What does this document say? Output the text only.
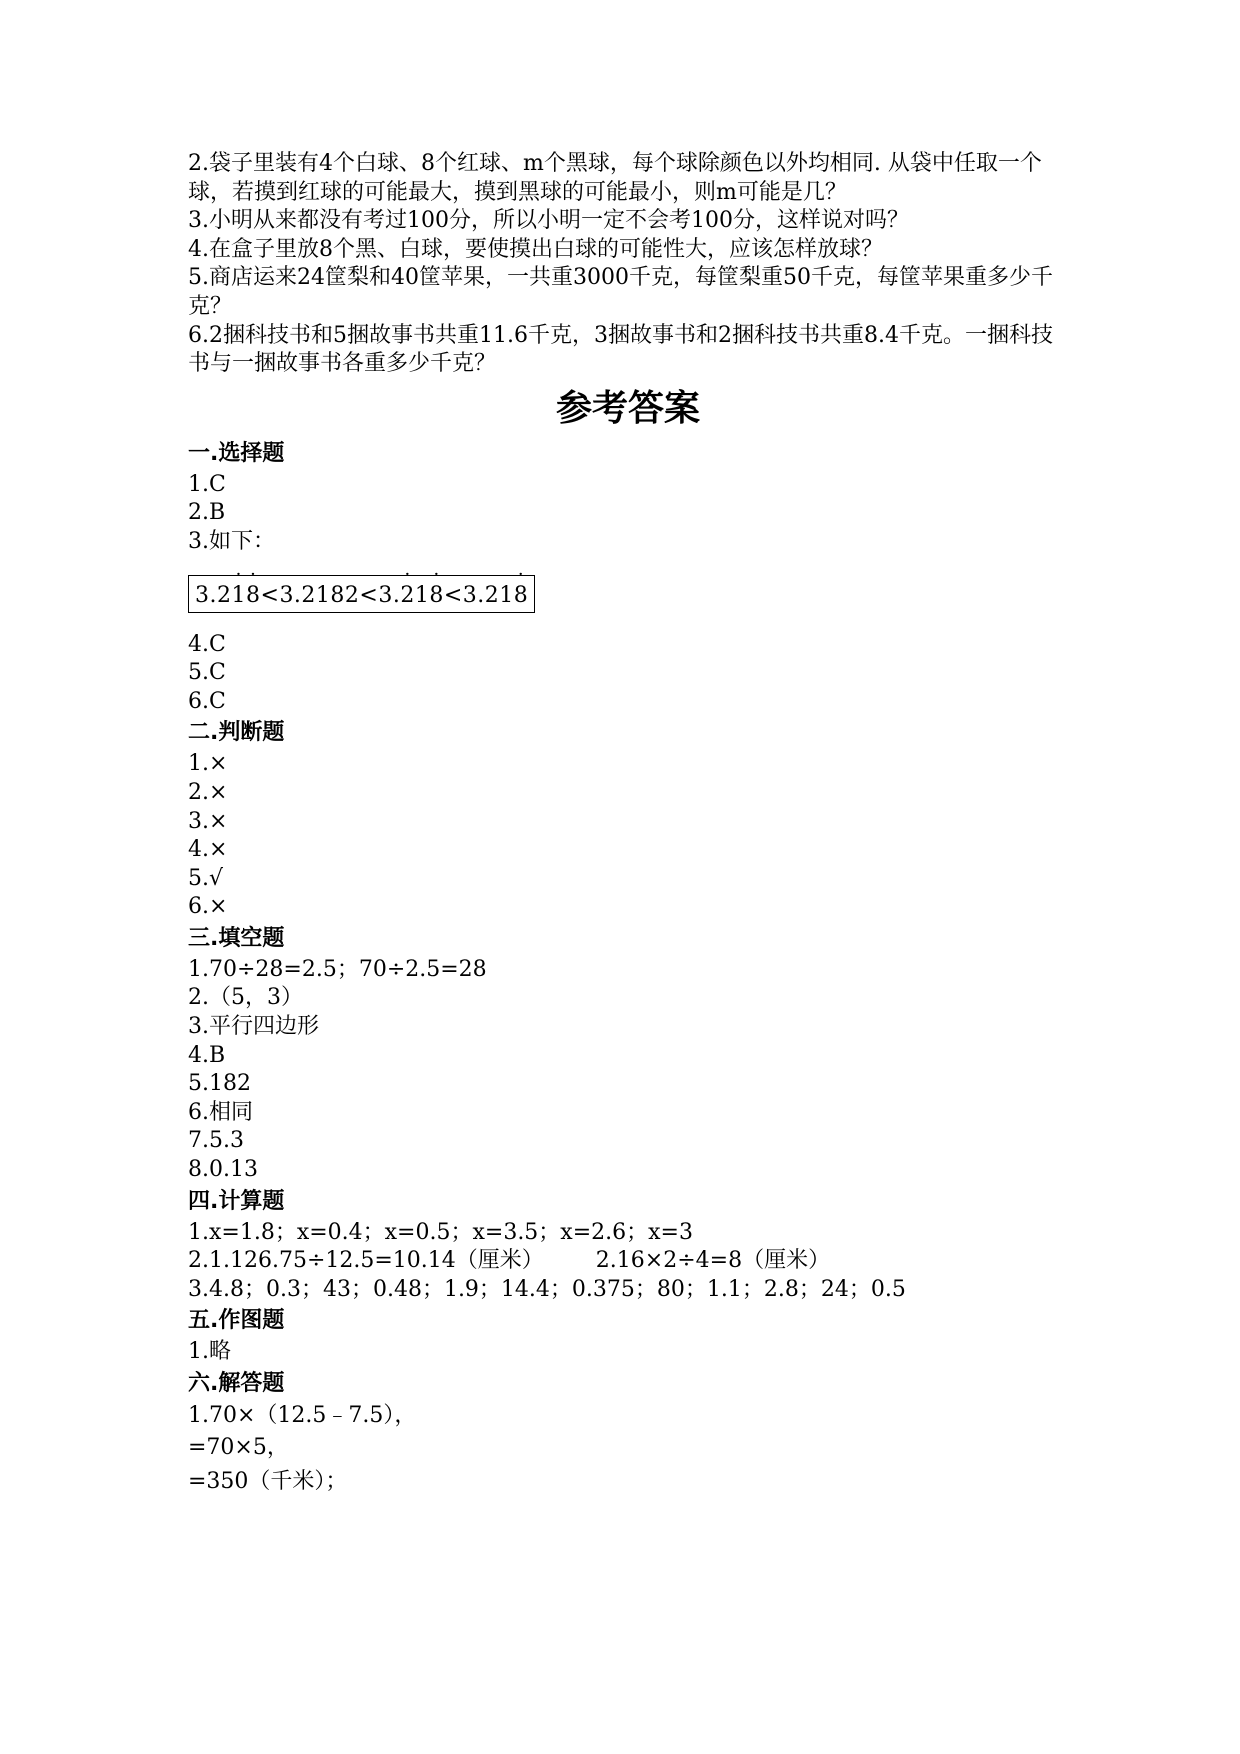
2.袋子里装有4个白球、8个红球、m个黑球，每个球除颜色以外均相同. 从袋中任取一个球，若摸到红球的可能最大，摸到黑球的可能最小，则m可能是几？
3.小明从来都没有考过100分，所以小明一定不会考100分，这样说对吗？
4.在盒子里放8个黑、白球，要使摸出白球的可能性大，应该怎样放球？
5.商店运来24筐梨和40筐苹果，一共重3000千克，每筐梨重50千克，每筐苹果重多少千克？
6.2捆科技书和5捆故事书共重11.6千克，3捆故事书和2捆科技书共重8.4千克。一捆科技书与一捆故事书各重多少千克？
参考答案
一.选择题
1.C
2.B
3.如下：
3.2· 1· 8<3.2182<3.· 21· 8<3.21· 8
4.C
5.C
6.C
二.判断题
1.×
2.×
3.×
4.×
5.√
6.×
三.填空题
1.70÷28=2.5；70÷2.5=28
2.（5，3）
3.平行四边形
4.B
5.182
6.相同
7.5.3
8.0.13
四.计算题
1.x=1.8；x=0.4；x=0.5；x=3.5；x=2.6；x=3
2.1.126.75÷12.5=10.14（厘米） 2.16×2÷4=8（厘米）
3.4.8；0.3；43；0.48；1.9；14.4；0.375；80；1.1；2.8；24；0.5
五.作图题
1.略
六.解答题
1.70×（12.5﹣7.5），
=70×5，
=350（千米）；
